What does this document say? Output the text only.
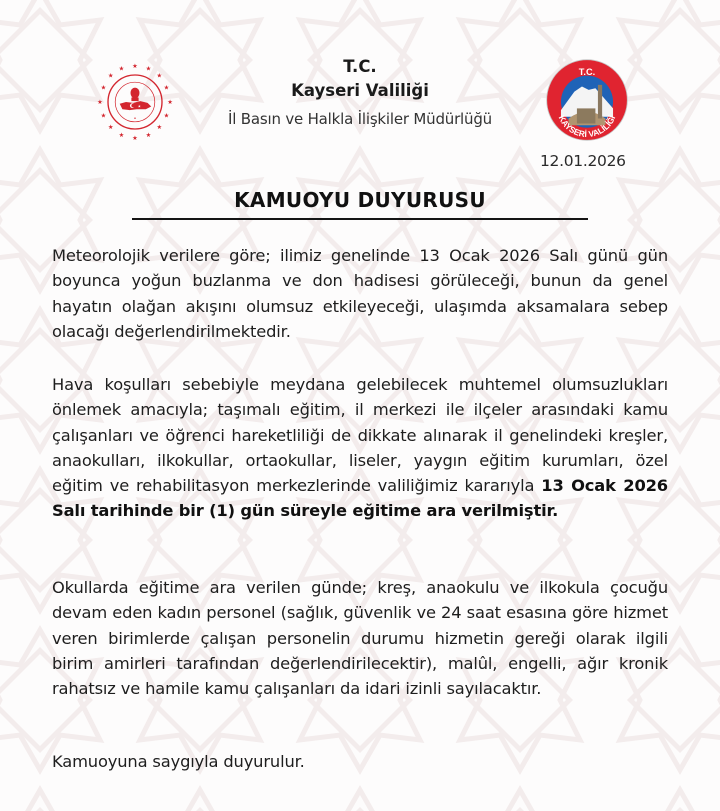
★ ★
★
★
★
★
★
★
★
★
★
★
★
★
★
★
★
T.C.
KAYSERİ VALİLİĞİ
T.C.
Kayseri Valiliği
İl Basın ve Halkla İlişkiler Müdürlüğü
12.01.2026
KAMUOYU DUYURUSU

Meteorolojik verilere göre; ilimiz genelinde 13 Ocak 2026 Salı günü gün boyunca yoğun buzlanma ve don hadisesi görüleceği, bunun da genel hayatın olağan akışını olumsuz etkileyeceği, ulaşımda aksamalara sebep olacağı değerlendirilmektedir.

Hava koşulları sebebiyle meydana gelebilecek muhtemel olumsuzlukları önlemek amacıyla; taşımalı eğitim, il merkezi ile ilçeler arasındaki kamu çalışanları ve öğrenci hareketliliği de dikkate alınarak il genelindeki kreşler, anaokulları, ilkokullar, ortaokullar, liseler, yaygın eğitim kurumları, özel eğitim ve rehabilitasyon merkezlerinde valiliğimiz kararıyla 13 Ocak 2026 Salı tarihinde bir (1) gün süreyle eğitime ara verilmiştir.

Okullarda eğitime ara verilen günde; kreş, anaokulu ve ilkokula çocuğu devam eden kadın personel (sağlık, güvenlik ve 24 saat esasına göre hizmet veren birimlerde çalışan personelin durumu hizmetin gereği olarak ilgili birim amirleri tarafından değerlendirilecektir), malûl, engelli, ağır kronik rahatsız ve hamile kamu çalışanları da idari izinli sayılacaktır.

Kamuoyuna saygıyla duyurulur.
